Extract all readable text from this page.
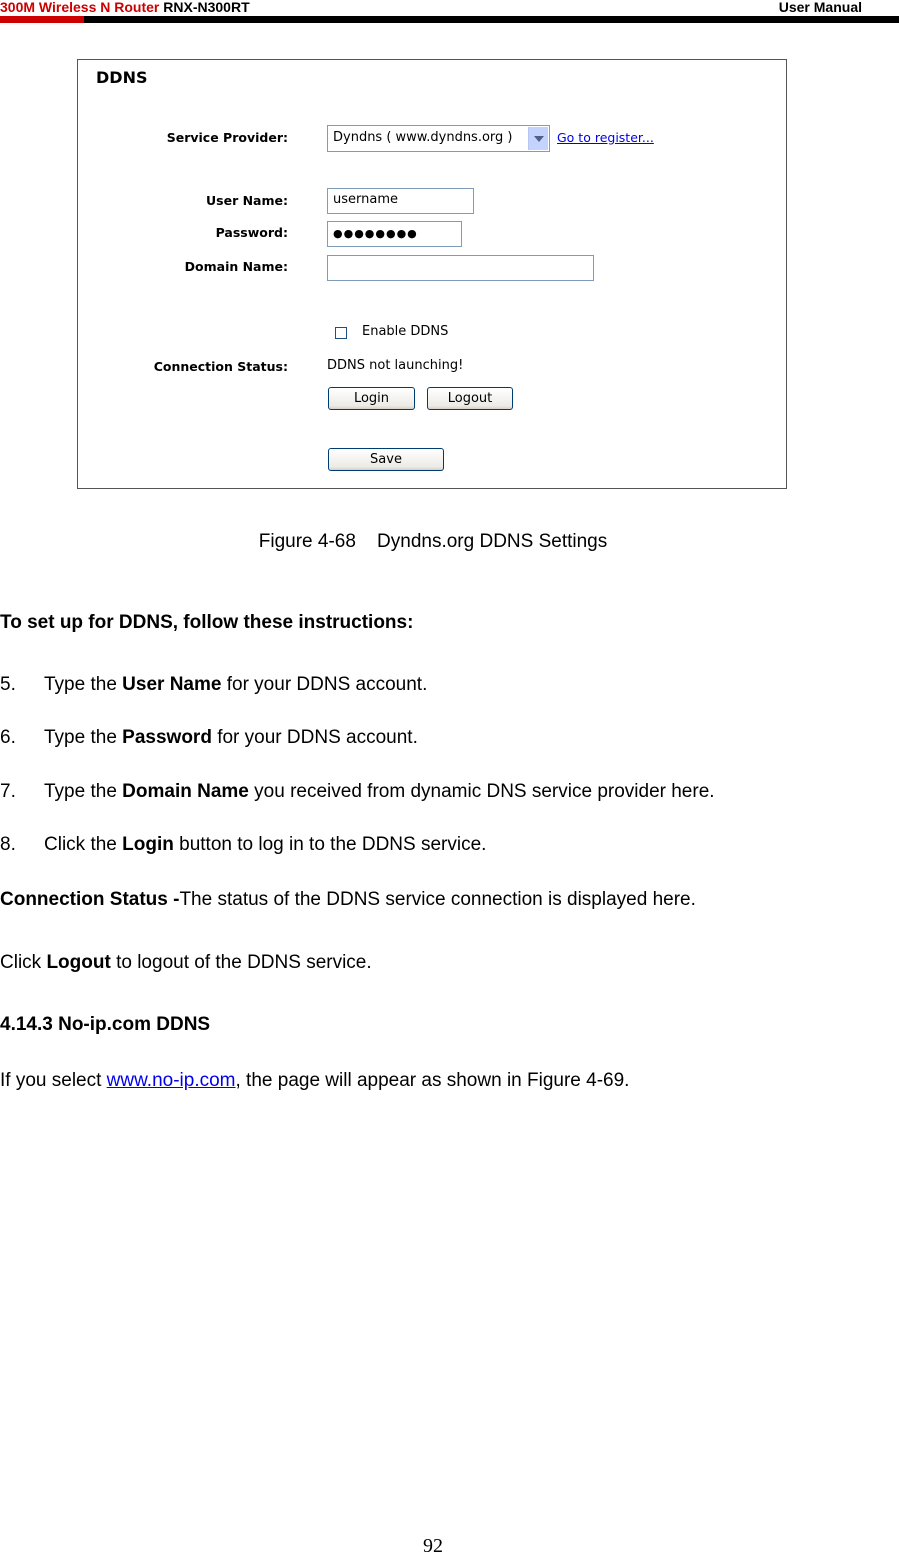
300M Wireless N Router RNX-N300RT	User Manual
DDNS
Service Provider:	Dyndns ( www.dyndns.org )	Go to register...
User Name:	username
Password:	●●●●●●●●
Domain Name:
Enable DDNS
Connection Status:	DDNS not launching!
Login	Logout
Save
Figure 4-68    Dyndns.org DDNS Settings
To set up for DDNS, follow these instructions:
5. Type the User Name for your DDNS account.
6. Type the Password for your DDNS account.
7. Type the Domain Name you received from dynamic DNS service provider here.
8. Click the Login button to log in to the DDNS service.
Connection Status -The status of the DDNS service connection is displayed here.
Click Logout to logout of the DDNS service.
4.14.3 No-ip.com DDNS
If you select www.no-ip.com, the page will appear as shown in Figure 4-69.
92
